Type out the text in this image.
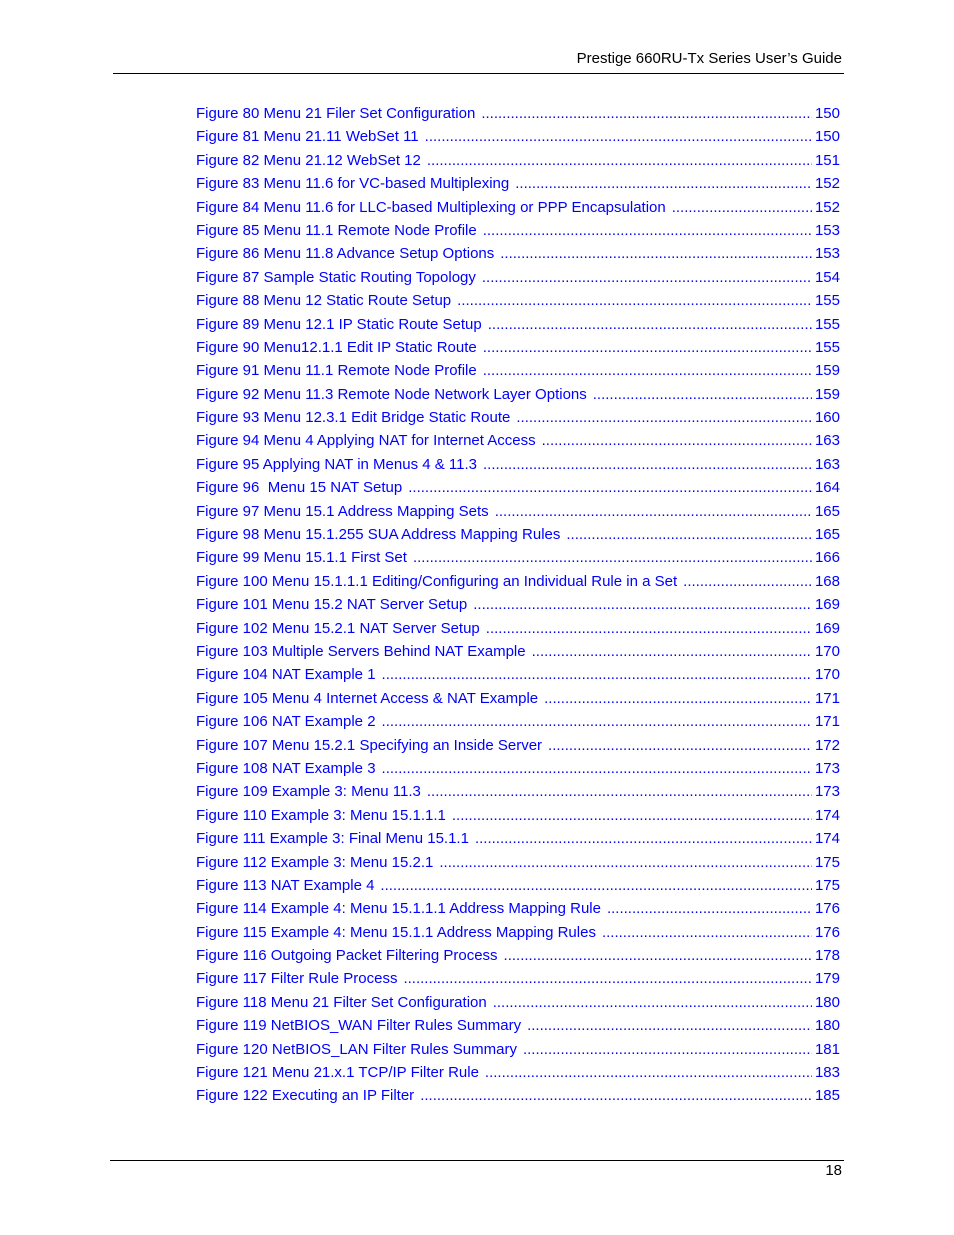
Prestige 660RU-Tx Series User’s Guide
Figure 80 Menu 21 Filer Set Configuration .....	150
Figure 81 Menu 21.11 WebSet 11 .....	150
Figure 82 Menu 21.12 WebSet 12 .....	151
Figure 83 Menu 11.6 for VC-based Multiplexing .....	152
Figure 84 Menu 11.6 for LLC-based Multiplexing or PPP Encapsulation .....	152
Figure 85 Menu 11.1 Remote Node Profile .....	153
Figure 86 Menu 11.8 Advance Setup Options .....	153
Figure 87 Sample Static Routing Topology .....	154
Figure 88 Menu 12 Static Route Setup .....	155
Figure 89 Menu 12.1 IP Static Route Setup .....	155
Figure 90 Menu12.1.1 Edit IP Static Route .....	155
Figure 91 Menu 11.1 Remote Node Profile .....	159
Figure 92 Menu 11.3 Remote Node Network Layer Options .....	159
Figure 93 Menu 12.3.1 Edit Bridge Static Route .....	160
Figure 94 Menu 4 Applying NAT for Internet Access .....	163
Figure 95 Applying NAT in Menus 4 & 11.3 .....	163
Figure 96  Menu 15 NAT Setup .....	164
Figure 97 Menu 15.1 Address Mapping Sets .....	165
Figure 98 Menu 15.1.255 SUA Address Mapping Rules .....	165
Figure 99 Menu 15.1.1 First Set .....	166
Figure 100 Menu 15.1.1.1 Editing/Configuring an Individual Rule in a Set .....	168
Figure 101 Menu 15.2 NAT Server Setup .....	169
Figure 102 Menu 15.2.1 NAT Server Setup .....	169
Figure 103 Multiple Servers Behind NAT Example .....	170
Figure 104 NAT Example 1 .....	170
Figure 105 Menu 4 Internet Access & NAT Example .....	171
Figure 106 NAT Example 2 .....	171
Figure 107 Menu 15.2.1 Specifying an Inside Server .....	172
Figure 108 NAT Example 3 .....	173
Figure 109 Example 3: Menu 11.3 .....	173
Figure 110 Example 3: Menu 15.1.1.1 .....	174
Figure 111 Example 3: Final Menu 15.1.1 .....	174
Figure 112 Example 3: Menu 15.2.1 .....	175
Figure 113 NAT Example 4 .....	175
Figure 114 Example 4: Menu 15.1.1.1 Address Mapping Rule .....	176
Figure 115 Example 4: Menu 15.1.1 Address Mapping Rules .....	176
Figure 116 Outgoing Packet Filtering Process .....	178
Figure 117 Filter Rule Process .....	179
Figure 118 Menu 21 Filter Set Configuration .....	180
Figure 119 NetBIOS_WAN Filter Rules Summary .....	180
Figure 120 NetBIOS_LAN Filter Rules Summary .....	181
Figure 121 Menu 21.x.1 TCP/IP Filter Rule .....	183
Figure 122 Executing an IP Filter .....	185
18
